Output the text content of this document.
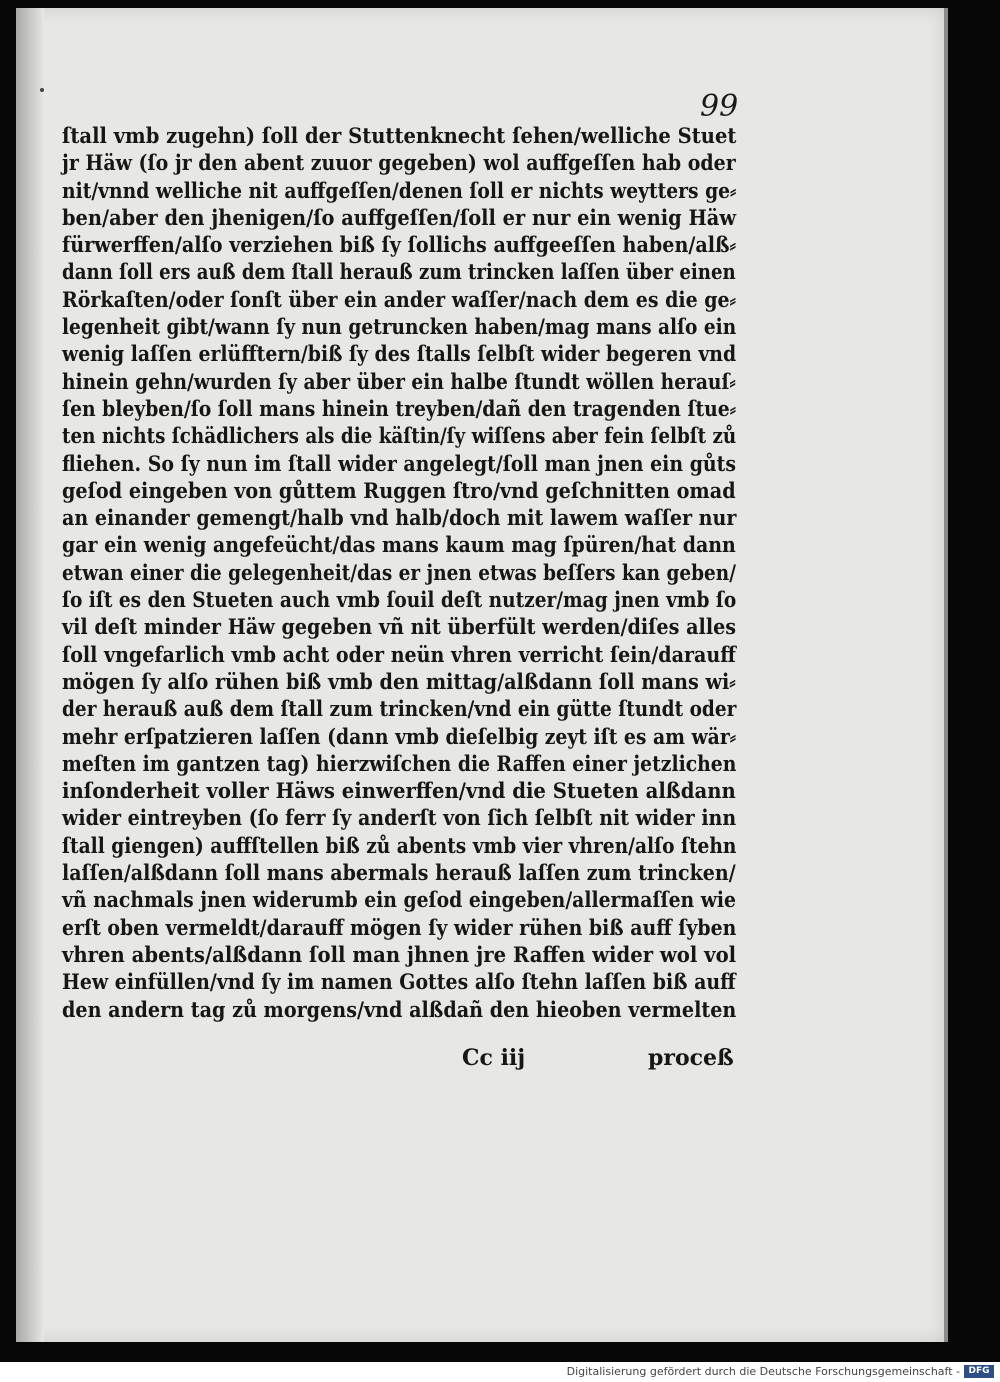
99
ſtall vmb zugehn) ſoll der Stuttenknecht ſehen/welliche Stuet
jr Häw (ſo jr den abent zuuor gegeben) wol auffgeſſen hab oder
nit/vnnd welliche nit auffgeſſen/denen ſoll er nichts weytters ge⸗
ben/aber den jhenigen/ſo auffgeſſen/ſoll er nur ein wenig Häw
fürwerffen/alſo verziehen biß ſy ſollichs auffgeeſſen haben/alß⸗
dann ſoll ers auß dem ſtall herauß zum trincken laſſen über einen
Rörkaſten/oder ſonſt über ein ander waſſer/nach dem es die ge⸗
legenheit gibt/wann ſy nun getruncken haben/mag mans alſo ein
wenig laſſen erlüfftern/biß ſy des ſtalls ſelbſt wider begeren vnd
hinein gehn/wurden ſy aber über ein halbe ſtundt wöllen herauſ⸗
ſen bleyben/ſo ſoll mans hinein treyben/dañ den tragenden ſtue⸗
ten nichts ſchädlichers als die käſtin/ſy wiſſens aber fein ſelbſt zů
fliehen. So ſy nun im ſtall wider angelegt/ſoll man jnen ein gůts
geſod eingeben von gůttem Ruggen ſtro/vnd geſchnitten omad
an einander gemengt/halb vnd halb/doch mit lawem waſſer nur
gar ein wenig angefeücht/das mans kaum mag ſpüren/hat dann
etwan einer die gelegenheit/das er jnen etwas beſſers kan geben/
ſo iſt es den Stueten auch vmb ſouil deſt nutzer/mag jnen vmb ſo
vil deſt minder Häw gegeben vñ nit überfült werden/diſes alles
ſoll vngefarlich vmb acht oder neün vhren verricht ſein/darauff
mögen ſy alſo rühen biß vmb den mittag/alßdann ſoll mans wi⸗
der herauß auß dem ſtall zum trincken/vnd ein gütte ſtundt oder
mehr erſpatzieren laſſen (dann vmb dieſelbig zeyt iſt es am wär⸗
meſten im gantzen tag) hierzwiſchen die Raffen einer jetzlichen
inſonderheit voller Häws einwerffen/vnd die Stueten alßdann
wider eintreyben (ſo ferr ſy anderſt von ſich ſelbſt nit wider inn
ſtall giengen) auffſtellen biß zů abents vmb vier vhren/alſo ſtehn
laſſen/alßdann ſoll mans abermals herauß laſſen zum trincken/
vñ nachmals jnen widerumb ein geſod eingeben/allermaſſen wie
erſt oben vermeldt/darauff mögen ſy wider rühen biß auff ſyben
vhren abents/alßdann ſoll man jhnen jre Raffen wider wol vol
Hew einfüllen/vnd ſy im namen Gottes alſo ſtehn laſſen biß auff
den andern tag zů morgens/vnd alßdañ den hieoben vermelten
Cc iij	proceß
Digitalisierung gefördert durch die Deutsche Forschungsgemeinschaft - DFG
